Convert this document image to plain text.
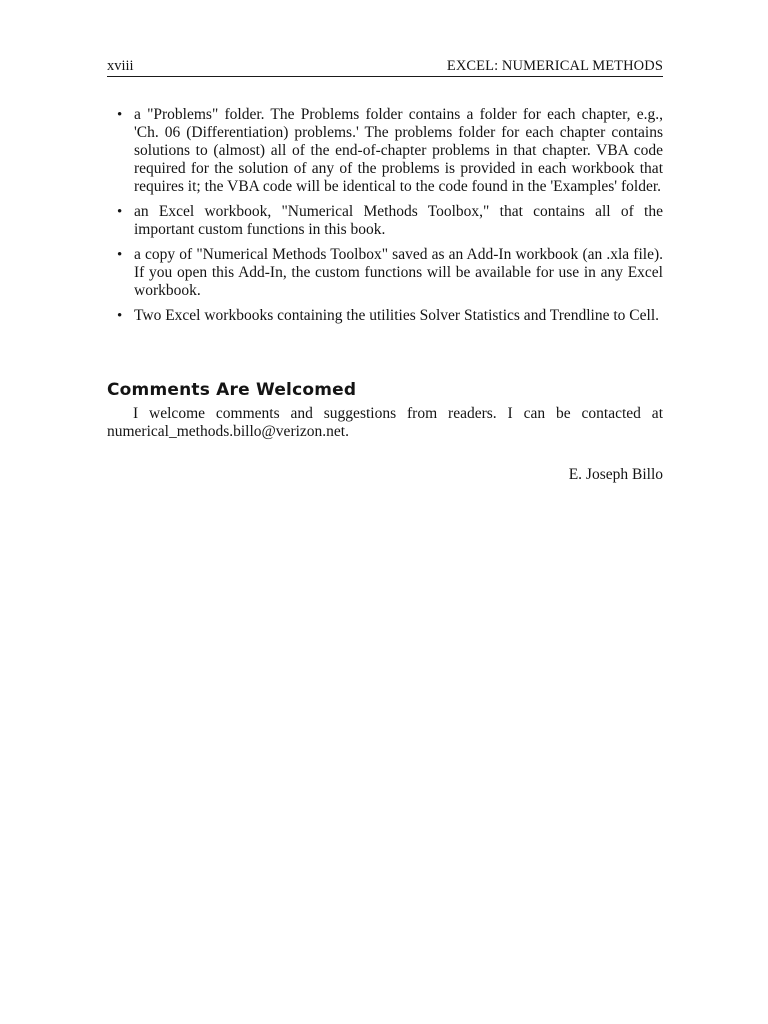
xviii	EXCEL: NUMERICAL METHODS
• a "Problems" folder. The Problems folder contains a folder for each chapter, e.g., 'Ch. 06 (Differentiation) problems.' The problems folder for each chapter contains solutions to (almost) all of the end-of-chapter problems in that chapter. VBA code required for the solution of any of the problems is provided in each workbook that requires it; the VBA code will be identical to the code found in the 'Examples' folder.
• an Excel workbook, "Numerical Methods Toolbox," that contains all of the important custom functions in this book.
• a copy of "Numerical Methods Toolbox" saved as an Add-In workbook (an .xla file). If you open this Add-In, the custom functions will be available for use in any Excel workbook.
• Two Excel workbooks containing the utilities Solver Statistics and Trendline to Cell.
Comments Are Welcomed

I welcome comments and suggestions from readers. I can be contacted at
numerical_methods.billo@verizon.net.

E. Joseph Billo
